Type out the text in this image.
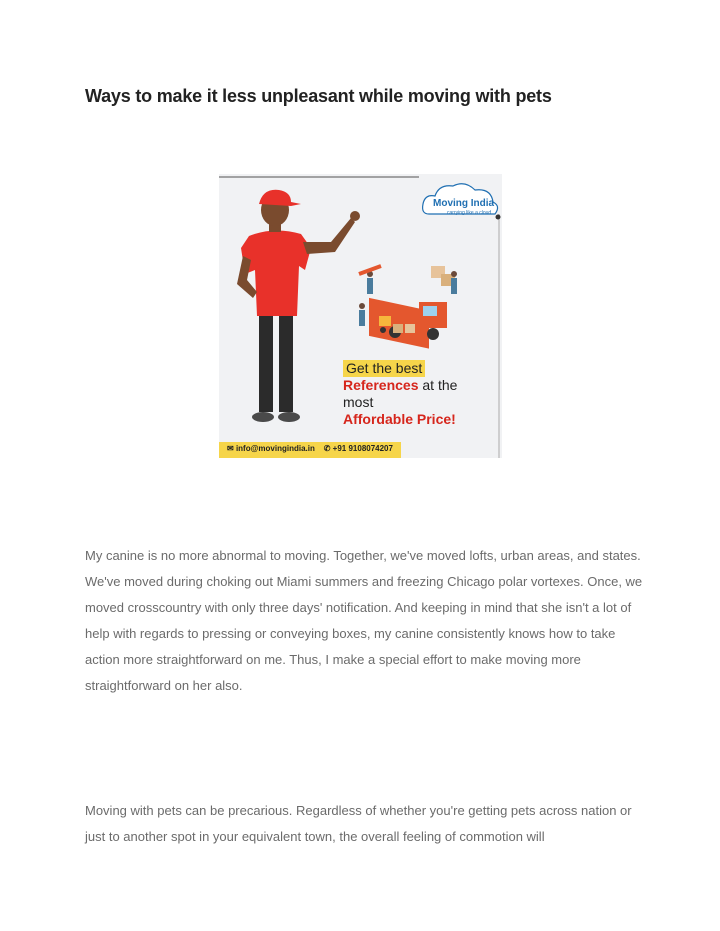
Ways to make it less unpleasant while moving with pets
Moving India
carrying like a cloud
Get the best
References at the
most
Affordable Price!
✉ info@movingindia.in ✆ +91 9108074207
My canine is no more abnormal to moving. Together, we've moved lofts, urban areas, and states. We've moved during choking out Miami summers and freezing Chicago polar vortexes. Once, we moved crosscountry with only three days' notification. And keeping in mind that she isn't a lot of help with regards to pressing or conveying boxes, my canine consistently knows how to take action more straightforward on me. Thus, I make a special effort to make moving more straightforward on her also.
Moving with pets can be precarious. Regardless of whether you're getting pets across nation or just to another spot in your equivalent town, the overall feeling of commotion will
